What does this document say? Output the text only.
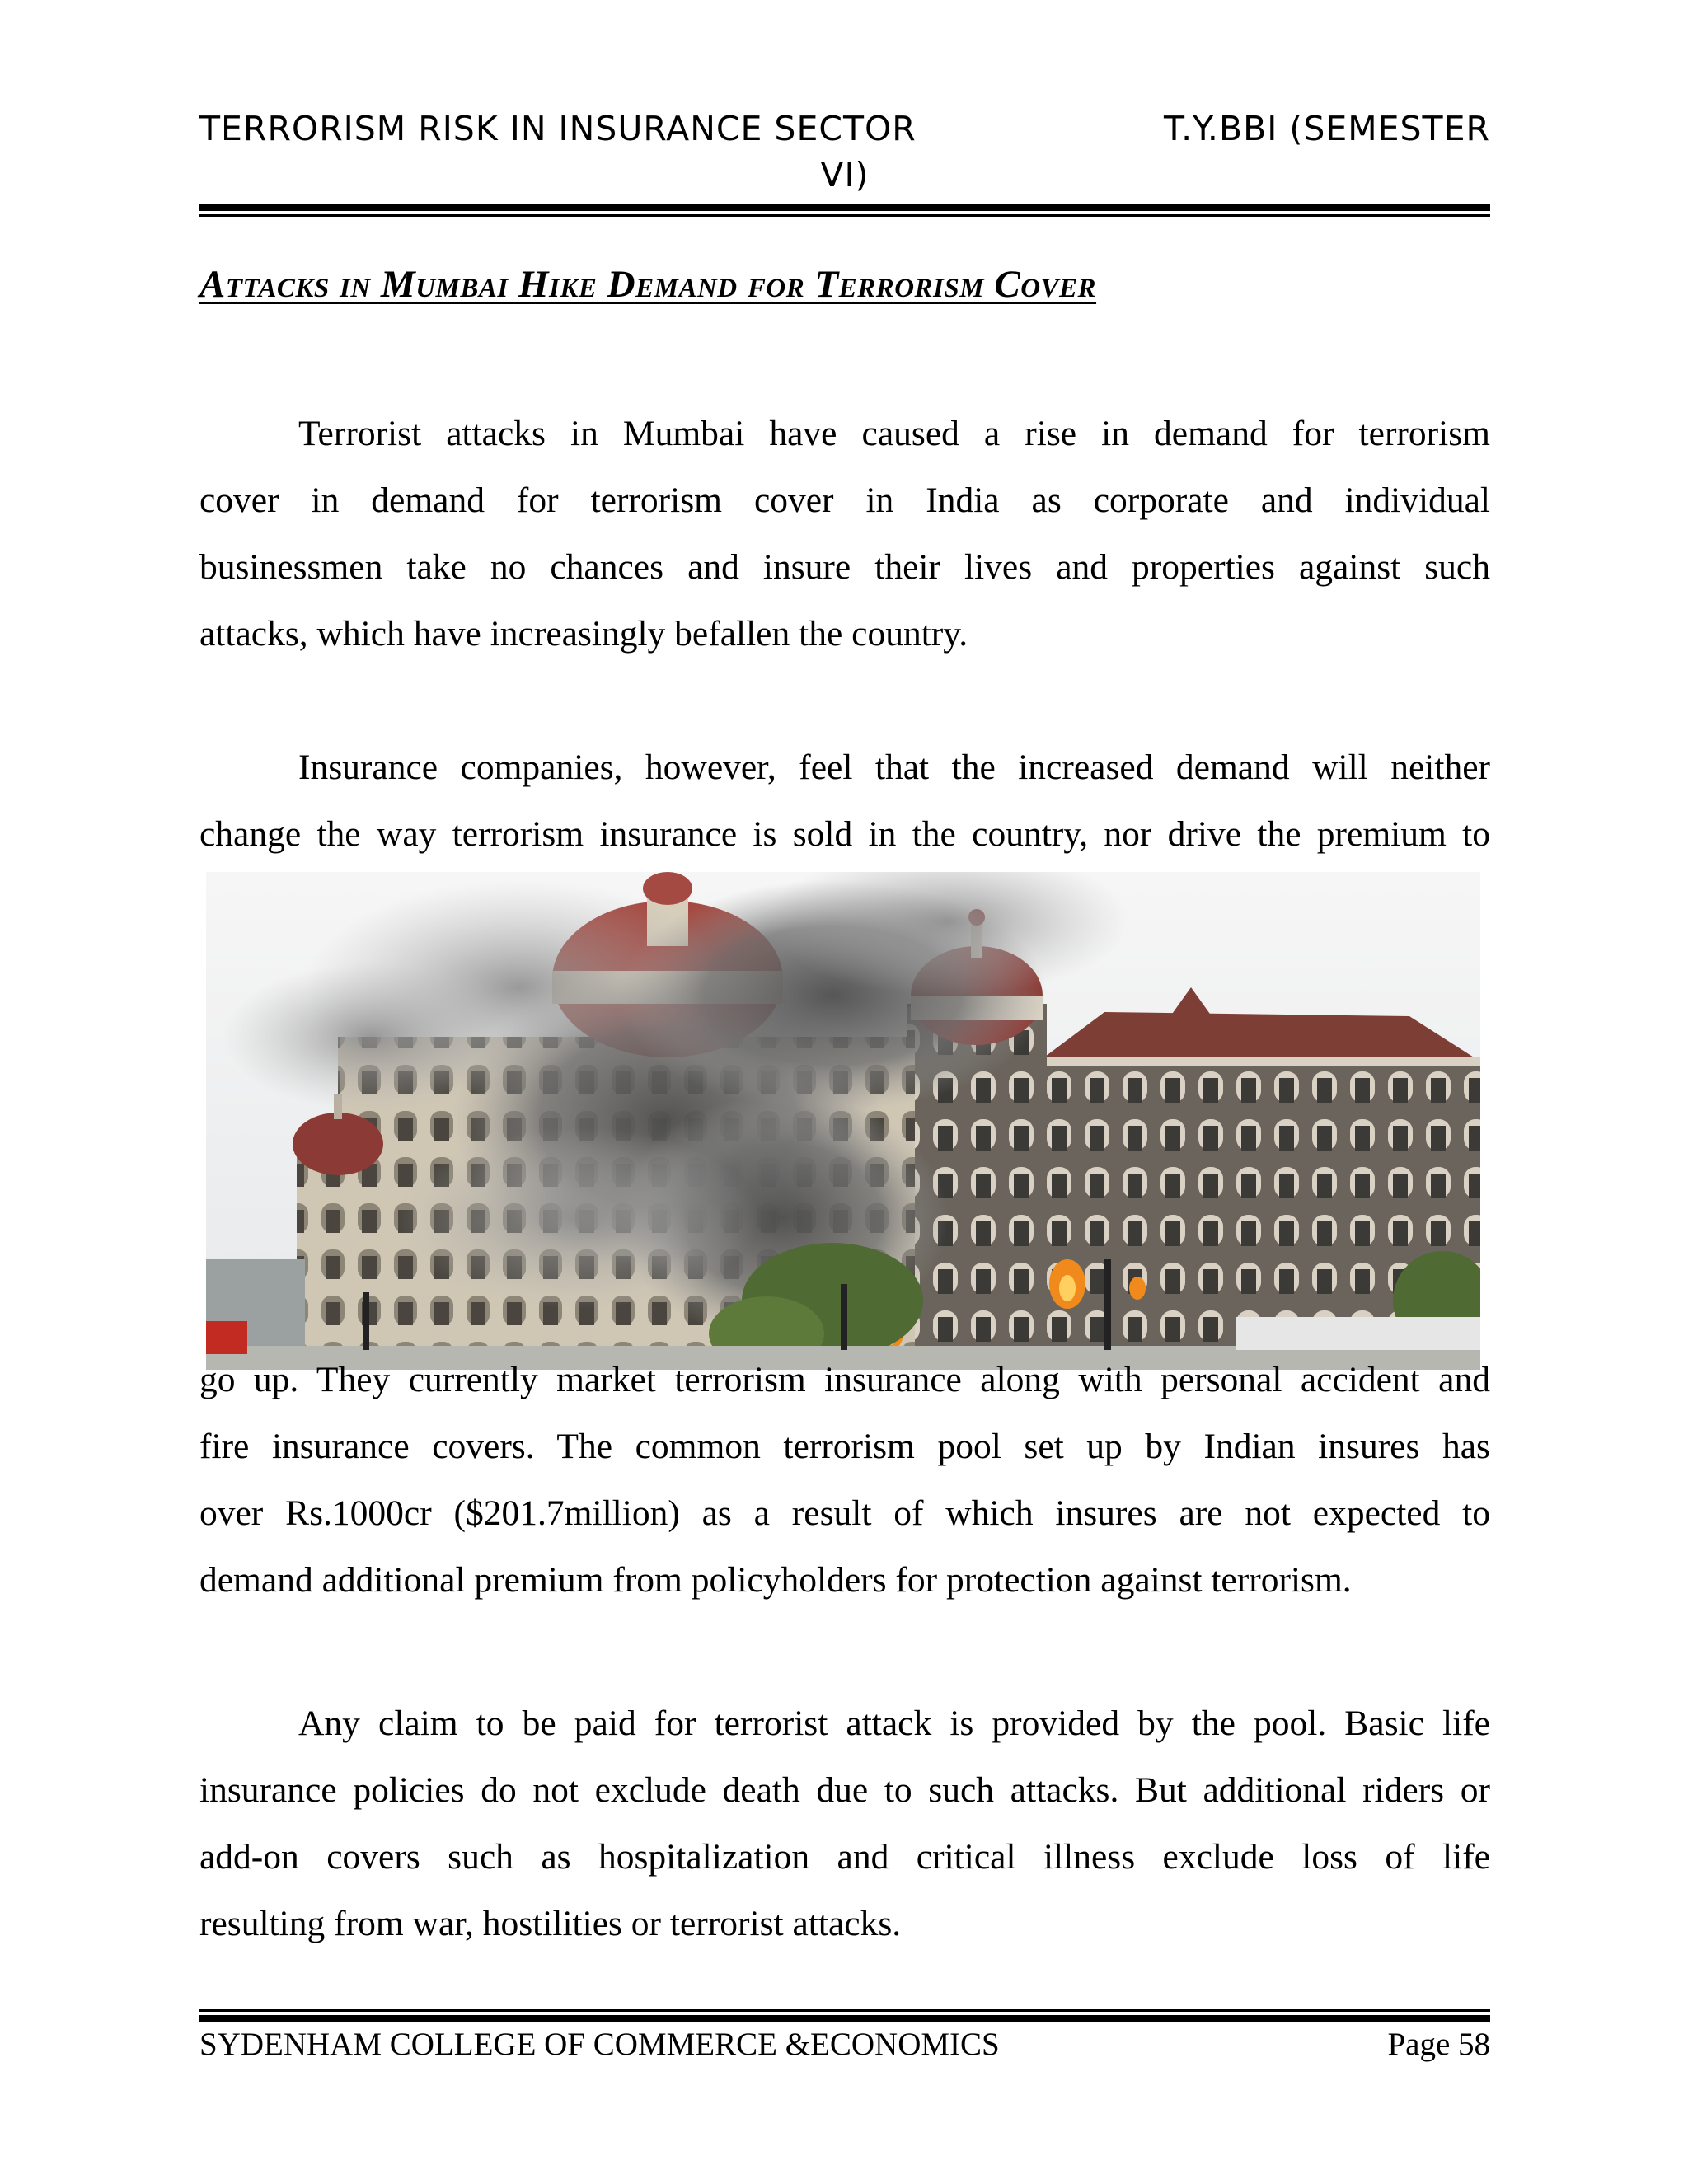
TERRORISM RISK IN INSURANCE SECTOR	T.Y.BBI (SEMESTER
VI)
Attacks in Mumbai Hike Demand for Terrorism Cover
Terrorist attacks in Mumbai have caused a rise in demand for terrorism
cover in demand for terrorism cover in India as corporate and individual
businessmen take no chances and insure their lives and properties against such
attacks, which have increasingly befallen the country.
Insurance companies, however, feel that the increased demand will neither
change the way terrorism insurance is sold in the country, nor drive the premium to
go up. They currently market terrorism insurance along with personal accident and
fire insurance covers. The common terrorism pool set up by Indian insures has
over Rs.1000cr ($201.7million) as a result of which insures are not expected to
demand additional premium from policyholders for protection against terrorism.
Any claim to be paid for terrorist attack is provided by the pool. Basic life
insurance policies do not exclude death due to such attacks. But additional riders or
add-on covers such as hospitalization and critical illness exclude loss of life
resulting from war, hostilities or terrorist attacks.
SYDENHAM COLLEGE OF COMMERCE &ECONOMICS	Page 58
